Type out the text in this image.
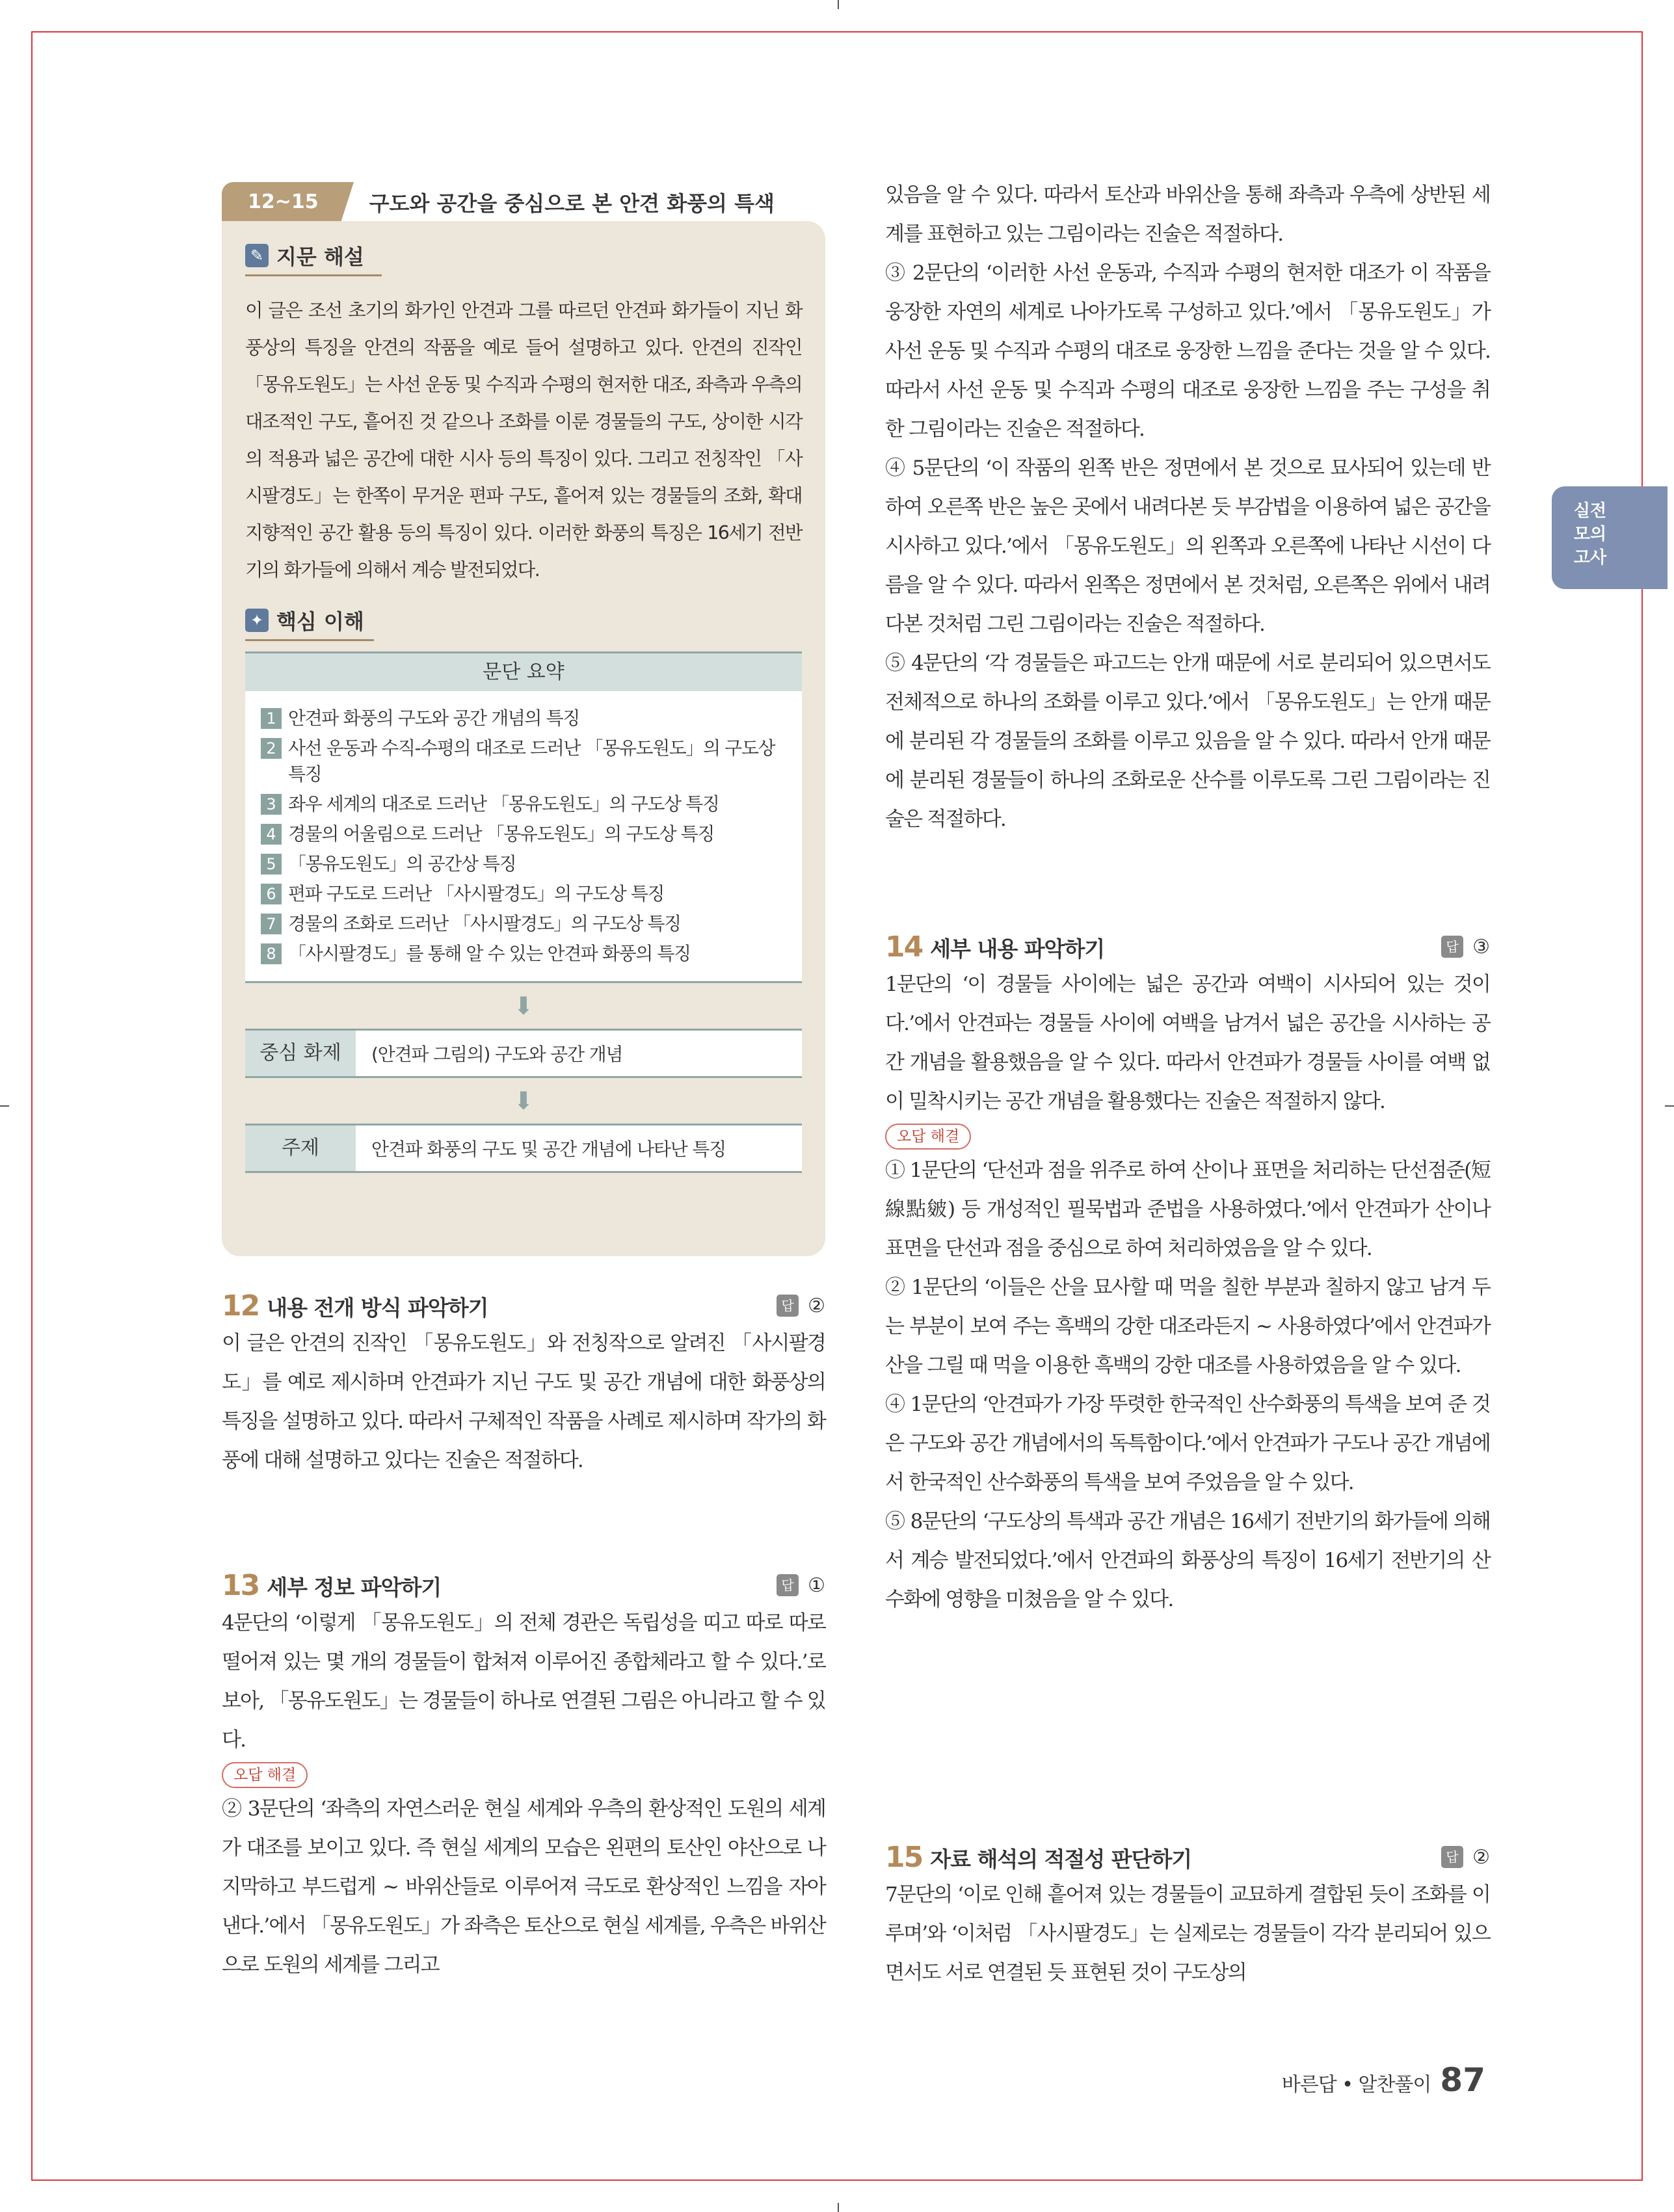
12~15	구도와 공간을 중심으로 본 안견 화풍의 특색
✎ 지문 해설

이 글은 조선 초기의 화가인 안견과 그를 따르던 안견파 화가들이 지닌 화풍상의 특징을 안견의 작품을 예로 들어 설명하고 있다. 안견의 진작인 「몽유도원도」는 사선 운동 및 수직과 수평의 현저한 대조, 좌측과 우측의 대조적인 구도, 흩어진 것 같으나 조화를 이룬 경물들의 구도, 상이한 시각의 적용과 넓은 공간에 대한 시사 등의 특징이 있다. 그리고 전칭작인 「사시팔경도」는 한쪽이 무거운 편파 구도, 흩어져 있는 경물들의 조화, 확대 지향적인 공간 활용 등의 특징이 있다. 이러한 화풍의 특징은 16세기 전반기의 화가들에 의해서 계승 발전되었다.

✦ 핵심 이해
문단 요약
1 안견파 화풍의 구도와 공간 개념의 특징
2 사선 운동과 수직-수평의 대조로 드러난 「몽유도원도」의 구도상 특징
3 좌우 세계의 대조로 드러난 「몽유도원도」의 구도상 특징
4 경물의 어울림으로 드러난 「몽유도원도」의 구도상 특징
5 「몽유도원도」의 공간상 특징
6 편파 구도로 드러난 「사시팔경도」의 구도상 특징
7 경물의 조화로 드러난 「사시팔경도」의 구도상 특징
8 「사시팔경도」를 통해 알 수 있는 안견파 화풍의 특징
⬇
중심 화제	(안견파 그림의) 구도와 공간 개념
⬇
주제	안견파 화풍의 구도 및 공간 개념에 나타난 특징
12 내용 전개 방식 파악하기	답 ②
이 글은 안견의 진작인 「몽유도원도」와 전칭작으로 알려진 「사시팔경도」를 예로 제시하며 안견파가 지닌 구도 및 공간 개념에 대한 화풍상의 특징을 설명하고 있다. 따라서 구체적인 작품을 사례로 제시하며 작가의 화풍에 대해 설명하고 있다는 진술은 적절하다.
13 세부 정보 파악하기	답 ①
4문단의 ‘이렇게 「몽유도원도」의 전체 경관은 독립성을 띠고 따로 따로 떨어져 있는 몇 개의 경물들이 합쳐져 이루어진 종합체라고 할 수 있다.’로 보아, 「몽유도원도」는 경물들이 하나로 연결된 그림은 아니라고 할 수 있다.
오답 해결
② 3문단의 ‘좌측의 자연스러운 현실 세계와 우측의 환상적인 도원의 세계가 대조를 보이고 있다. 즉 현실 세계의 모습은 왼편의 토산인 야산으로 나지막하고 부드럽게 ~ 바위산들로 이루어져 극도로 환상적인 느낌을 자아낸다.’에서 「몽유도원도」가 좌측은 토산으로 현실 세계를, 우측은 바위산으로 도원의 세계를 그리고
있음을 알 수 있다. 따라서 토산과 바위산을 통해 좌측과 우측에 상반된 세계를 표현하고 있는 그림이라는 진술은 적절하다.
③ 2문단의 ‘이러한 사선 운동과, 수직과 수평의 현저한 대조가 이 작품을 웅장한 자연의 세계로 나아가도록 구성하고 있다.’에서 「몽유도원도」가 사선 운동 및 수직과 수평의 대조로 웅장한 느낌을 준다는 것을 알 수 있다. 따라서 사선 운동 및 수직과 수평의 대조로 웅장한 느낌을 주는 구성을 취한 그림이라는 진술은 적절하다.
④ 5문단의 ‘이 작품의 왼쪽 반은 정면에서 본 것으로 묘사되어 있는데 반하여 오른쪽 반은 높은 곳에서 내려다본 듯 부감법을 이용하여 넓은 공간을 시사하고 있다.’에서 「몽유도원도」의 왼쪽과 오른쪽에 나타난 시선이 다름을 알 수 있다. 따라서 왼쪽은 정면에서 본 것처럼, 오른쪽은 위에서 내려다본 것처럼 그린 그림이라는 진술은 적절하다.
⑤ 4문단의 ‘각 경물들은 파고드는 안개 때문에 서로 분리되어 있으면서도 전체적으로 하나의 조화를 이루고 있다.’에서 「몽유도원도」는 안개 때문에 분리된 각 경물들의 조화를 이루고 있음을 알 수 있다. 따라서 안개 때문에 분리된 경물들이 하나의 조화로운 산수를 이루도록 그린 그림이라는 진술은 적절하다.
14 세부 내용 파악하기	답 ③
1문단의 ‘이 경물들 사이에는 넓은 공간과 여백이 시사되어 있는 것이다.’에서 안견파는 경물들 사이에 여백을 남겨서 넓은 공간을 시사하는 공간 개념을 활용했음을 알 수 있다. 따라서 안견파가 경물들 사이를 여백 없이 밀착시키는 공간 개념을 활용했다는 진술은 적절하지 않다.
오답 해결
① 1문단의 ‘단선과 점을 위주로 하여 산이나 표면을 처리하는 단선점준(短線點皴) 등 개성적인 필묵법과 준법을 사용하였다.’에서 안견파가 산이나 표면을 단선과 점을 중심으로 하여 처리하였음을 알 수 있다.
② 1문단의 ‘이들은 산을 묘사할 때 먹을 칠한 부분과 칠하지 않고 남겨 두는 부분이 보여 주는 흑백의 강한 대조라든지 ~ 사용하였다’에서 안견파가 산을 그릴 때 먹을 이용한 흑백의 강한 대조를 사용하였음을 알 수 있다.
④ 1문단의 ‘안견파가 가장 뚜렷한 한국적인 산수화풍의 특색을 보여 준 것은 구도와 공간 개념에서의 독특함이다.’에서 안견파가 구도나 공간 개념에서 한국적인 산수화풍의 특색을 보여 주었음을 알 수 있다.
⑤ 8문단의 ‘구도상의 특색과 공간 개념은 16세기 전반기의 화가들에 의해서 계승 발전되었다.’에서 안견파의 화풍상의 특징이 16세기 전반기의 산수화에 영향을 미쳤음을 알 수 있다.
15 자료 해석의 적절성 판단하기	답 ②
7문단의 ‘이로 인해 흩어져 있는 경물들이 교묘하게 결합된 듯이 조화를 이루며’와 ‘이처럼 「사시팔경도」는 실제로는 경물들이 각각 분리되어 있으면서도 서로 연결된 듯 표현된 것이 구도상의
실전
모의
고사
바른답 • 알찬풀이 87
